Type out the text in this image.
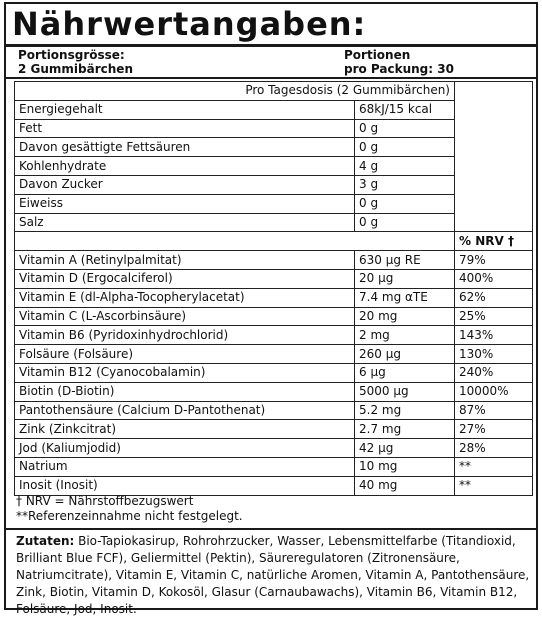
Nährwertangaben:
Portionsgrösse:
2 Gummibärchen
Portionen
pro Packung: 30
Pro Tagesdosis (2 Gummibärchen)		
Energiegehalt	68kJ/15 kcal	
Fett	0 g	
Davon gesättigte Fettsäuren	0 g	
Kohlenhydrate	4 g	
Davon Zucker	3 g	
Eiweiss	0 g	
Salz	0 g	
		% NRV †
Vitamin A (Retinylpalmitat)	630 µg RE	79%
Vitamin D (Ergocalciferol)	20 µg	400%
Vitamin E (dl-Alpha-Tocopherylacetat)	7.4 mg αTE	62%
Vitamin C (L-Ascorbinsäure)	20 mg	25%
Vitamin B6 (Pyridoxinhydrochlorid)	2 mg	143%
Folsäure (Folsäure)	260 µg	130%
Vitamin B12 (Cyanocobalamin)	6 µg	240%
Biotin (D-Biotin)	5000 µg	10000%
Pantothensäure (Calcium D-Pantothenat)	5.2 mg	87%
Zink (Zinkcitrat)	2.7 mg	27%
Jod (Kaliumjodid)	42 µg	28%
Natrium	10 mg	**
Inosit (Inosit)	40 mg	**
† NRV = Nährstoffbezugswert
**Referenzeinnahme nicht festgelegt.
Zutaten: Bio-Tapiokasirup, Rohrohrzucker, Wasser, Lebensmittelfarbe (Titandioxid, Brilliant Blue FCF), Geliermittel (Pektin), Säureregulatoren (Zitronensäure, Natriumcitrate), Vitamin E, Vitamin C, natürliche Aromen, Vitamin A, Pantothensäure, Zink, Biotin, Vitamin D, Kokosöl, Glasur (Carnaubawachs), Vitamin B6, Vitamin B12, Folsäure, Jod, Inosit.
